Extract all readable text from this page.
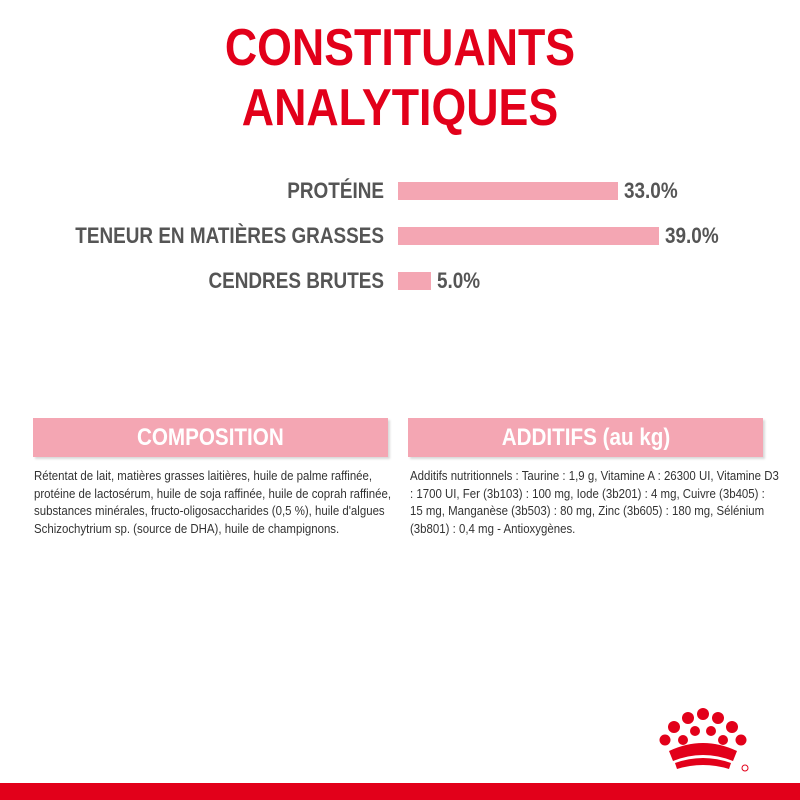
CONSTITUANTS
ANALYTIQUES
PROTÉINE	33.0%
TENEUR EN MATIÈRES GRASSES	39.0%
CENDRES BRUTES 5.0%
COMPOSITION
Rétentat de lait, matières grasses laitières, huile de palme raffinée, protéine de lactosérum, huile de soja raffinée, huile de coprah raffinée, substances minérales, fructo-oligosaccharides (0,5 %), huile d'algues Schizochytrium sp. (source de DHA), huile de champignons.
ADDITIFS (au kg)
Additifs nutritionnels : Taurine : 1,9 g, Vitamine A : 26300 UI, Vitamine D3 : 1700 UI, Fer (3b103) : 100 mg, Iode (3b201) : 4 mg, Cuivre (3b405) : 15 mg, Manganèse (3b503) : 80 mg, Zinc (3b605) : 180 mg, Sélénium (3b801) : 0,4 mg - Antioxygènes.
